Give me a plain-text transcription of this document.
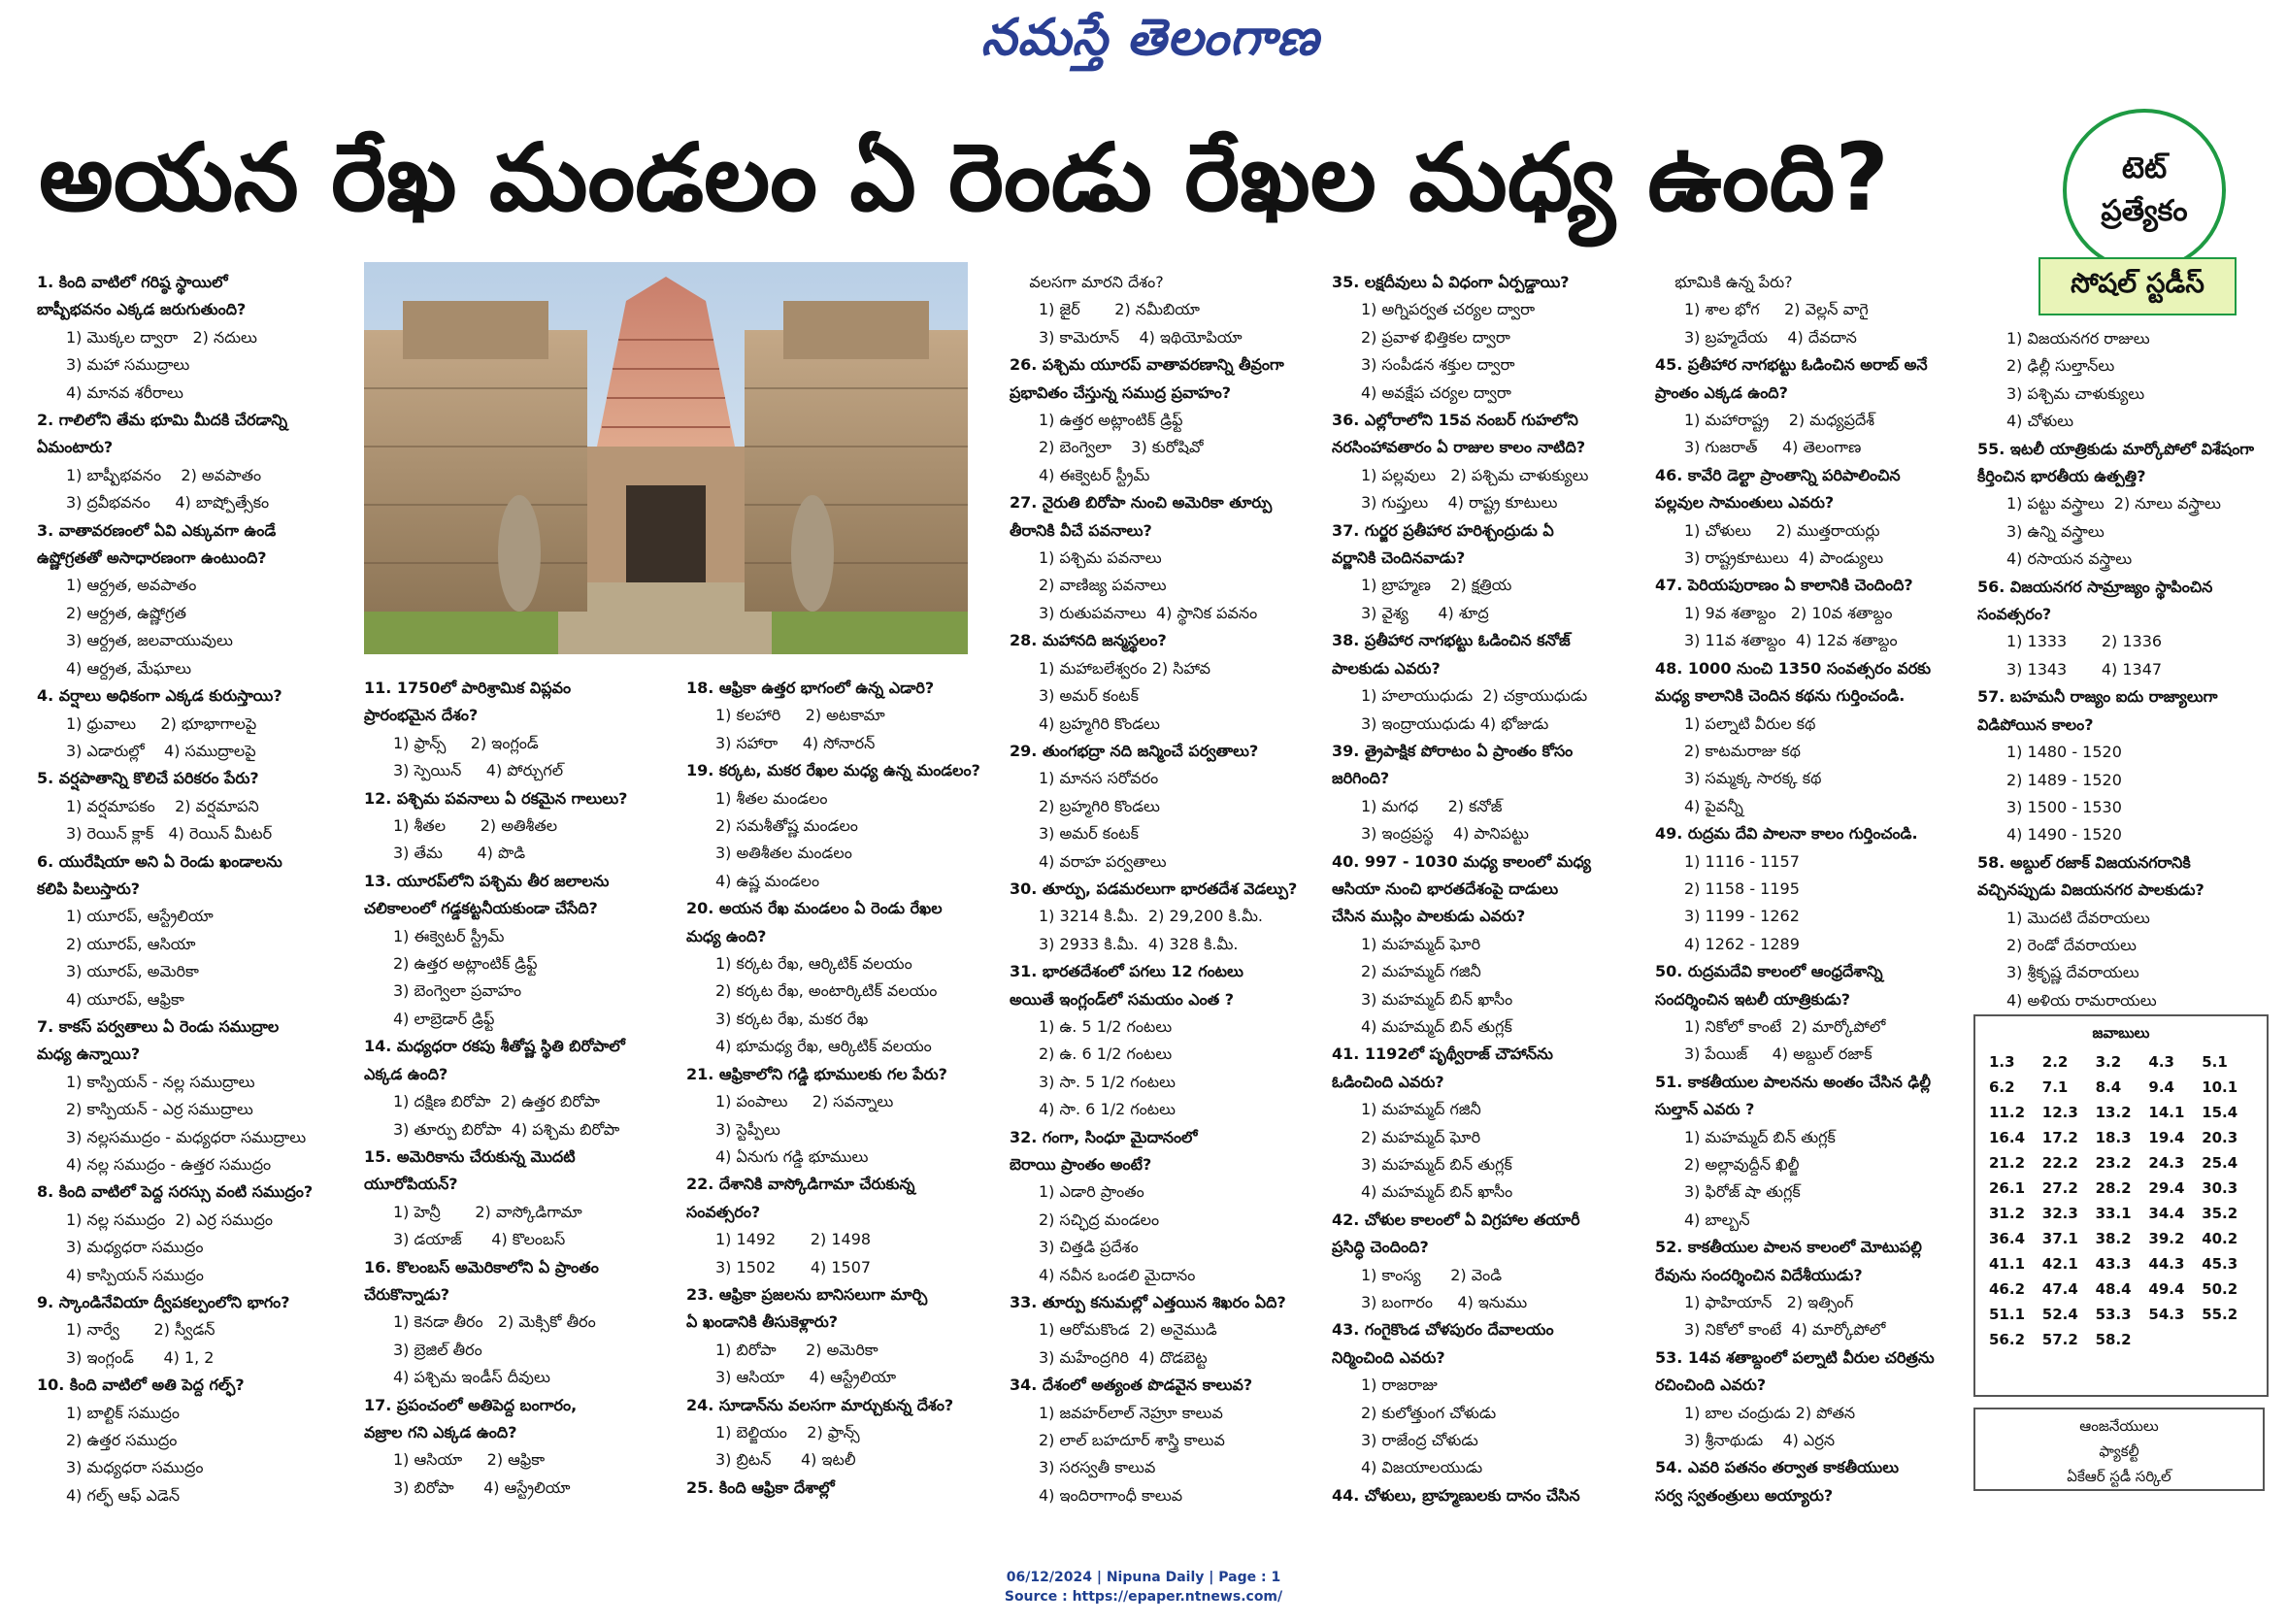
నమస్తే తెలంగాణ
అయన రేఖ మండలం ఏ రెండు రేఖల మధ్య ఉంది?	టెట్
ప్రత్యేకం
సోషల్ స్టడీస్
1. కింది వాటిలో గరిష్ఠ స్థాయిలో
బాష్పీభవనం ఎక్కడ జరుగుతుంది?
1) మొక్కల ద్వారా   2) నదులు
3) మహా సముద్రాలు
4) మానవ శరీరాలు
2. గాలిలోని తేమ భూమి మీదకి చేరడాన్ని
ఏమంటారు?
1) బాష్పీభవనం    2) అవపాతం
3) ద్రవీభవనం     4) బాష్పోత్సేకం
3. వాతావరణంలో ఏవి ఎక్కువగా ఉండే
ఉష్ణోగ్రతతో అసాధారణంగా ఉంటుంది?
1) ఆర్ద్రత, అవపాతం
2) ఆర్ద్రత, ఉష్ణోగ్రత
3) ఆర్ద్రత, జలవాయువులు
4) ఆర్ద్రత, మేఘాలు
4. వర్షాలు అధికంగా ఎక్కడ కురుస్తాయి?
1) ధ్రువాలు     2) భూభాగాలపై
3) ఎడారుల్లో    4) సముద్రాలపై
5. వర్షపాతాన్ని కొలిచే పరికరం పేరు?
1) వర్షమాపకం    2) వర్షమాపని
3) రెయిన్ క్లాక్   4) రెయిన్ మీటర్
6. యురేషియా అని ఏ రెండు ఖండాలను
కలిపి పిలుస్తారు?
1) యూరప్, ఆస్ట్రేలియా
2) యూరప్, ఆసియా
3) యూరప్, అమెరికా
4) యూరప్, ఆఫ్రికా
7. కాకస్ పర్వతాలు ఏ రెండు సముద్రాల
మధ్య ఉన్నాయి?
1) కాస్పియన్ - నల్ల సముద్రాలు
2) కాస్పియన్ - ఎర్ర సముద్రాలు
3) నల్లసముద్రం - మధ్యధరా సముద్రాలు
4) నల్ల సముద్రం - ఉత్తర సముద్రం
8. కింది వాటిలో పెద్ద సరస్సు వంటి సముద్రం?
1) నల్ల సముద్రం  2) ఎర్ర సముద్రం
3) మధ్యధరా సముద్రం
4) కాస్పియన్ సముద్రం
9. స్కాండినేవియా ద్వీపకల్పంలోని భాగం?
1) నార్వే       2) స్వీడన్
3) ఇంగ్లండ్      4) 1, 2
10. కింది వాటిలో అతి పెద్ద గల్ఫ్?
1) బాల్టిక్ సముద్రం
2) ఉత్తర సముద్రం
3) మధ్యధరా సముద్రం
4) గల్ఫ్ ఆఫ్ ఎడెన్
11. 1750లో పారిశ్రామిక విప్లవం
ప్రారంభమైన దేశం?
1) ఫ్రాన్స్     2) ఇంగ్లండ్
3) స్పెయిన్     4) పోర్చుగల్
12. పశ్చిమ పవనాలు ఏ రకమైన గాలులు?
1) శీతల       2) అతిశీతల
3) తేమ       4) పొడి
13. యూరప్‌లోని పశ్చిమ తీర జలాలను
చలికాలంలో గడ్డకట్టనీయకుండా చేసేది?
1) ఈక్వెటర్ స్ట్రీమ్
2) ఉత్తర అట్లాంటిక్ డ్రిఫ్ట్
3) బెంగ్వెలా ప్రవాహం
4) లాబ్రెడార్ డ్రిఫ్ట్
14. మధ్యధరా రకపు శీతోష్ణ స్థితి బిరోపాలో
ఎక్కడ ఉంది?
1) దక్షిణ బిరోపా  2) ఉత్తర బిరోపా
3) తూర్పు బిరోపా  4) పశ్చిమ బిరోపా
15. అమెరికాను చేరుకున్న మొదటి
యూరోపియన్?
1) హెన్రీ       2) వాస్కోడిగామా
3) డయాజ్      4) కొలంబస్
16. కొలంబస్ అమెరికాలోని ఏ ప్రాంతం
చేరుకొన్నాడు?
1) కెనడా తీరం   2) మెక్సికో తీరం
3) బ్రెజిల్ తీరం
4) పశ్చిమ ఇండీస్ దీవులు
17. ప్రపంచంలో అతిపెద్ద బంగారం,
వజ్రాల గని ఎక్కడ ఉంది?
1) ఆసియా     2) ఆఫ్రికా
3) బిరోపా      4) ఆస్ట్రేలియా
18. ఆఫ్రికా ఉత్తర భాగంలో ఉన్న ఎడారి?
1) కలహారి     2) అటకామా
3) సహారా     4) సోనారన్
19. కర్కట, మకర రేఖల మధ్య ఉన్న మండలం?
1) శీతల మండలం
2) సమశీతోష్ణ మండలం
3) అతిశీతల మండలం
4) ఉష్ణ మండలం
20. అయన రేఖ మండలం ఏ రెండు రేఖల
మధ్య ఉంది?
1) కర్కట రేఖ, ఆర్కిటిక్ వలయం
2) కర్కట రేఖ, అంటార్కిటిక్ వలయం
3) కర్కట రేఖ, మకర రేఖ
4) భూమధ్య రేఖ, ఆర్కిటిక్ వలయం
21. ఆఫ్రికాలోని గడ్డి భూములకు గల పేరు?
1) పంపాలు     2) సవన్నాలు
3) స్టెప్పీలు
4) ఏనుగు గడ్డి భూములు
22. దేశానికి వాస్కోడిగామా చేరుకున్న
సంవత్సరం?
1) 1492       2) 1498
3) 1502       4) 1507
23. ఆఫ్రికా ప్రజలను బానిసలుగా మార్చి
ఏ ఖండానికి తీసుకెళ్లారు?
1) బిరోపా      2) అమెరికా
3) ఆసియా     4) ఆస్ట్రేలియా
24. సూడాన్‌ను వలసగా మార్చుకున్న దేశం?
1) బెల్జియం    2) ఫ్రాన్స్
3) బ్రిటన్      4) ఇటలీ
25. కింది ఆఫ్రికా దేశాల్లో
వలసగా మారని దేశం?
1) జైర్       2) నమీబియా
3) కామెరూన్    4) ఇథియోపియా
26. పశ్చిమ యూరప్ వాతావరణాన్ని తీవ్రంగా
ప్రభావితం చేస్తున్న సముద్ర ప్రవాహం?
1) ఉత్తర అట్లాంటిక్ డ్రిఫ్ట్
2) బెంగ్వెలా    3) కురోషివో
4) ఈక్వెటర్ స్ట్రీమ్
27. నైరుతి బిరోపా నుంచి అమెరికా తూర్పు
తీరానికి వీచే పవనాలు?
1) పశ్చిమ పవనాలు
2) వాణిజ్య పవనాలు
3) రుతుపవనాలు  4) స్థానిక పవనం
28. మహానది జన్మస్థలం?
1) మహాబలేశ్వరం 2) సిహావ
3) అమర్ కంటక్
4) బ్రహ్మగిరి కొండలు
29. తుంగభద్రా నది జన్మించే పర్వతాలు?
1) మానస సరోవరం
2) బ్రహ్మగిరి కొండలు
3) అమర్ కంటక్
4) వరాహ పర్వతాలు
30. తూర్పు, పడమరలుగా భారతదేశ వెడల్పు?
1) 3214 కి.మీ.  2) 29,200 కి.మీ.
3) 2933 కి.మీ.  4) 328 కి.మీ.
31. భారతదేశంలో పగలు 12 గంటలు
అయితే ఇంగ్లండ్‌లో సమయం ఎంత ?
1) ఉ. 5 1/2 గంటలు
2) ఉ. 6 1/2 గంటలు
3) సా. 5 1/2 గంటలు
4) సా. 6 1/2 గంటలు
32. గంగా, సింధూ మైదానంలో
బెరాయి ప్రాంతం అంటే?
1) ఎడారి ప్రాంతం
2) సచ్ఛిద్ర మండలం
3) చిత్తడి ప్రదేశం
4) నవీన ఒండలి మైదానం
33. తూర్పు కనుమల్లో ఎత్తయిన శిఖరం ఏది?
1) ఆరోమకొండ  2) అనైముడి
3) మహేంద్రగిరి  4) దొడబెట్ట
34. దేశంలో అత్యంత పొడవైన కాలువ?
1) జవహర్‌లాల్ నెహ్రూ కాలువ
2) లాల్ బహదూర్ శాస్త్రి కాలువ
3) సరస్వతీ కాలువ
4) ఇందిరాగాంధీ కాలువ
35. లక్షదీవులు ఏ విధంగా ఏర్పడ్డాయి?
1) అగ్నిపర్వత చర్యల ద్వారా
2) ప్రవాళ భిత్తికల ద్వారా
3) సంపీడన శక్తుల ద్వారా
4) అవక్షేప చర్యల ద్వారా
36. ఎల్లోరాలోని 15వ నంబర్ గుహలోని
నరసింహావతారం ఏ రాజుల కాలం నాటిది?
1) పల్లవులు   2) పశ్చిమ చాళుక్యులు
3) గుప్తులు    4) రాష్ట్ర కూటులు
37. గుర్జర ప్రతీహార హరిశ్చంద్రుడు ఏ
వర్ణానికి చెందినవాడు?
1) బ్రాహ్మణ    2) క్షత్రియ
3) వైశ్య      4) శూద్ర
38. ప్రతీహార నాగభట్టు ఓడించిన కనోజ్
పాలకుడు ఎవరు?
1) హలాయుధుడు  2) చక్రాయుధుడు
3) ఇంద్రాయుధుడు 4) భోజుడు
39. త్రైపాక్షిక పోరాటం ఏ ప్రాంతం కోసం
జరిగింది?
1) మగధ      2) కనోజ్
3) ఇంద్రప్రస్థ    4) పానిపట్టు
40. 997 - 1030 మధ్య కాలంలో మధ్య
ఆసియా నుంచి భారతదేశంపై దాడులు
చేసిన ముస్లిం పాలకుడు ఎవరు?
1) మహమ్మద్ ఘోరి
2) మహమ్మద్ గజినీ
3) మహమ్మద్ బిన్ ఖాసీం
4) మహమ్మద్ బిన్ తుగ్లక్
41. 1192లో పృథ్వీరాజ్ చౌహాన్‌ను
ఓడించింది ఎవరు?
1) మహమ్మద్ గజినీ
2) మహమ్మద్ ఘోరి
3) మహమ్మద్ బిన్ తుగ్లక్
4) మహమ్మద్ బిన్ ఖాసీం
42. చోళుల కాలంలో ఏ విగ్రహాల తయారీ
ప్రసిద్ధి చెందింది?
1) కాంస్య      2) వెండి
3) బంగారం     4) ఇనుము
43. గంగైకొండ చోళపురం దేవాలయం
నిర్మించింది ఎవరు?
1) రాజరాజు
2) కులోత్తుంగ చోళుడు
3) రాజేంద్ర చోళుడు
4) విజయాలయుడు
44. చోళులు, బ్రాహ్మణులకు దానం చేసిన
భూమికి ఉన్న పేరు?
1) శాల భోగ     2) వెల్లన్ వాగై
3) బ్రహ్మదేయ    4) దేవదాన
45. ప్రతీహార నాగభట్టు ఓడించిన అరాబ్ అనే
ప్రాంతం ఎక్కడ ఉంది?
1) మహారాష్ట్ర    2) మధ్యప్రదేశ్
3) గుజరాత్     4) తెలంగాణ
46. కావేరి డెల్టా ప్రాంతాన్ని పరిపాలించిన
పల్లవుల సామంతులు ఎవరు?
1) చోళులు     2) ముత్తరాయర్లు
3) రాష్ట్రకూటులు  4) పాండ్యులు
47. పెరియపురాణం ఏ కాలానికి చెందింది?
1) 9వ శతాబ్దం   2) 10వ శతాబ్దం
3) 11వ శతాబ్దం  4) 12వ శతాబ్దం
48. 1000 నుంచి 1350 సంవత్సరం వరకు
మధ్య కాలానికి చెందిన కథను గుర్తించండి.
1) పల్నాటి వీరుల కథ
2) కాటమరాజు కథ
3) సమ్మక్క సారక్క కథ
4) పైవన్నీ
49. రుద్రమ దేవి పాలనా కాలం గుర్తించండి.
1) 1116 - 1157
2) 1158 - 1195
3) 1199 - 1262
4) 1262 - 1289
50. రుద్రమదేవి కాలంలో ఆంధ్రదేశాన్ని
సందర్శించిన ఇటలీ యాత్రికుడు?
1) నికోలో కాంటే  2) మార్కోపోలో
3) పేయిజ్     4) అబ్దుల్ రజాక్
51. కాకతీయుల పాలనను అంతం చేసిన ఢిల్లీ
సుల్తాన్ ఎవరు ?
1) మహమ్మద్ బిన్ తుగ్లక్
2) అల్లావుద్దీన్ ఖిల్జీ
3) ఫిరోజ్ షా తుగ్లక్
4) బాల్బన్
52. కాకతీయుల పాలన కాలంలో మోటుపల్లి
రేవును సందర్శించిన విదేశీయుడు?
1) ఫాహియాన్   2) ఇత్సింగ్
3) నికోలో కాంటే  4) మార్కోపోలో
53. 14వ శతాబ్దంలో పల్నాటి వీరుల చరిత్రను
రచించింది ఎవరు?
1) బాల చంద్రుడు 2) పోతన
3) శ్రీనాథుడు    4) ఎర్రన
54. ఎవరి పతనం తర్వాత కాకతీయులు
సర్వ స్వతంత్రులు అయ్యారు?
1) విజయనగర రాజులు
2) ఢిల్లీ సుల్తాన్‌లు
3) పశ్చిమ చాళుక్యులు
4) చోళులు
55. ఇటలీ యాత్రికుడు మార్కోపోలో విశేషంగా
కీర్తించిన భారతీయ ఉత్పత్తి?
1) పట్టు వస్త్రాలు  2) నూలు వస్త్రాలు
3) ఉన్ని వస్త్రాలు
4) రసాయన వస్త్రాలు
56. విజయనగర సామ్రాజ్యం స్థాపించిన
సంవత్సరం?
1) 1333       2) 1336
3) 1343       4) 1347
57. బహమనీ రాజ్యం ఐదు రాజ్యాలుగా
విడిపోయిన కాలం?
1) 1480 - 1520
2) 1489 - 1520
3) 1500 - 1530
4) 1490 - 1520
58. అబ్దుల్ రజాక్ విజయనగరానికి
వచ్చినప్పుడు విజయనగర పాలకుడు?
1) మొదటి దేవరాయలు
2) రెండో దేవరాయలు
3) శ్రీకృష్ణ దేవరాయలు
4) అళియ రామరాయలు
జవాబులు
1.3	2.2	3.2	4.3	5.1
6.2	7.1	8.4	9.4	10.1
11.2	12.3	13.2	14.1	15.4
16.4	17.2	18.3	19.4	20.3
21.2	22.2	23.2	24.3	25.4
26.1	27.2	28.2	29.4	30.3
31.2	32.3	33.1	34.4	35.2
36.4	37.1	38.2	39.2	40.2
41.1	42.1	43.3	44.3	45.3
46.2	47.4	48.4	49.4	50.2
51.1	52.4	53.3	54.3	55.2
56.2	57.2	58.2
ఆంజనేయులు
ఫ్యాకల్టీ
ఏకేఆర్ స్టడీ సర్కిల్
06/12/2024 | Nipuna Daily | Page : 1
Source : https://epaper.ntnews.com/
